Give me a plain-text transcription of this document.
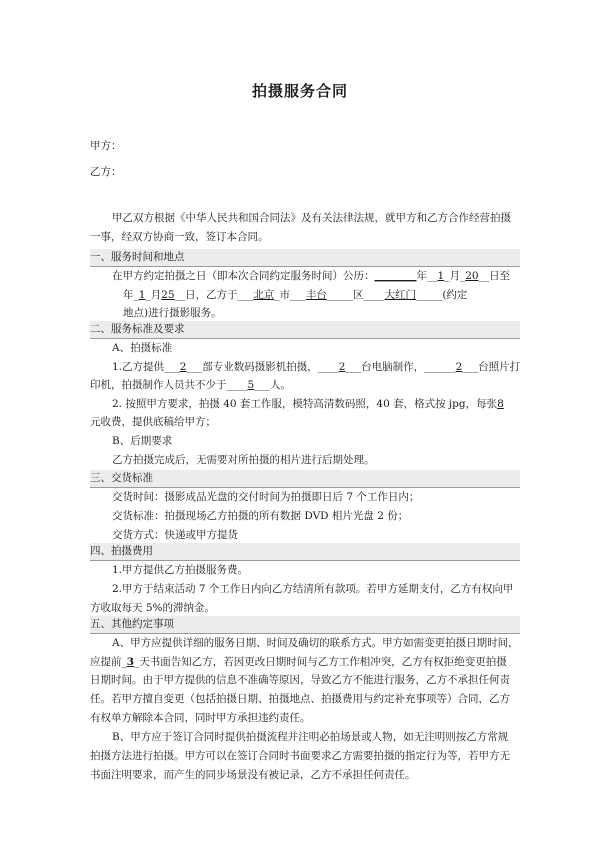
拍摄服务合同
甲方：
乙方：
甲乙双方根据《中华人民共和国合同法》及有关法律法规，就甲方和乙方合作经营拍摄
一事，经双方协商一致，签订本合同。
一、服务时间和地点
在甲方约定拍摄之日（即本次合同约定服务时间）公历：________年__1_月_20__日至
年_1_月25__日，乙方于___北京_市___丰台_____区____大红门_____(约定
地点)进行摄影服务。
二、服务标准及要求
A、拍摄标准
1.乙方提供___2___部专业数码摄影机拍摄，____2___台电脑制作，______2___台照片打
印机，拍摄制作人员共不少于____5___人。
2. 按照甲方要求，拍摄 40 套工作服，模特高清数码照，40 套，格式按 jpg，每张8
元收费，提供底稿给甲方；
B、后期要求
乙方拍摄完成后，无需要对所拍摄的相片进行后期处理。
三、交货标准
交货时间：摄影成品光盘的交付时间为拍摄即日后 7 个工作日内；
交货标准：拍摄现场乙方拍摄的所有数据 DVD 相片光盘 2 份；
交货方式：快递或甲方提货
四、拍摄费用
1.甲方提供乙方拍摄服务费。
2.甲方于结束活动 7 个工作日内向乙方结清所有款项。若甲方延期支付，乙方有权向甲
方收取每天 5%的滞纳金。
五、其他约定事项
A、甲方应提供详细的服务日期、时间及确切的联系方式。甲方如需变更拍摄日期时间，
应提前_3_天书面告知乙方，若因更改日期时间与乙方工作相冲突，乙方有权拒绝变更拍摄
日期时间。由于甲方提供的信息不准确等原因，导致乙方不能进行服务，乙方不承担任何责
任。若甲方擅自变更（包括拍摄日期、拍摄地点、拍摄费用与约定补充事项等）合同，乙方
有权单方解除本合同，同时甲方承担违约责任。
B、甲方应于签订合同时提供拍摄流程并注明必拍场景或人物，如无注明则按乙方常规
拍摄方法进行拍摄。甲方可以在签订合同时书面要求乙方需要拍摄的指定行为等，若甲方无
书面注明要求，而产生的同步场景没有被记录，乙方不承担任何责任。
